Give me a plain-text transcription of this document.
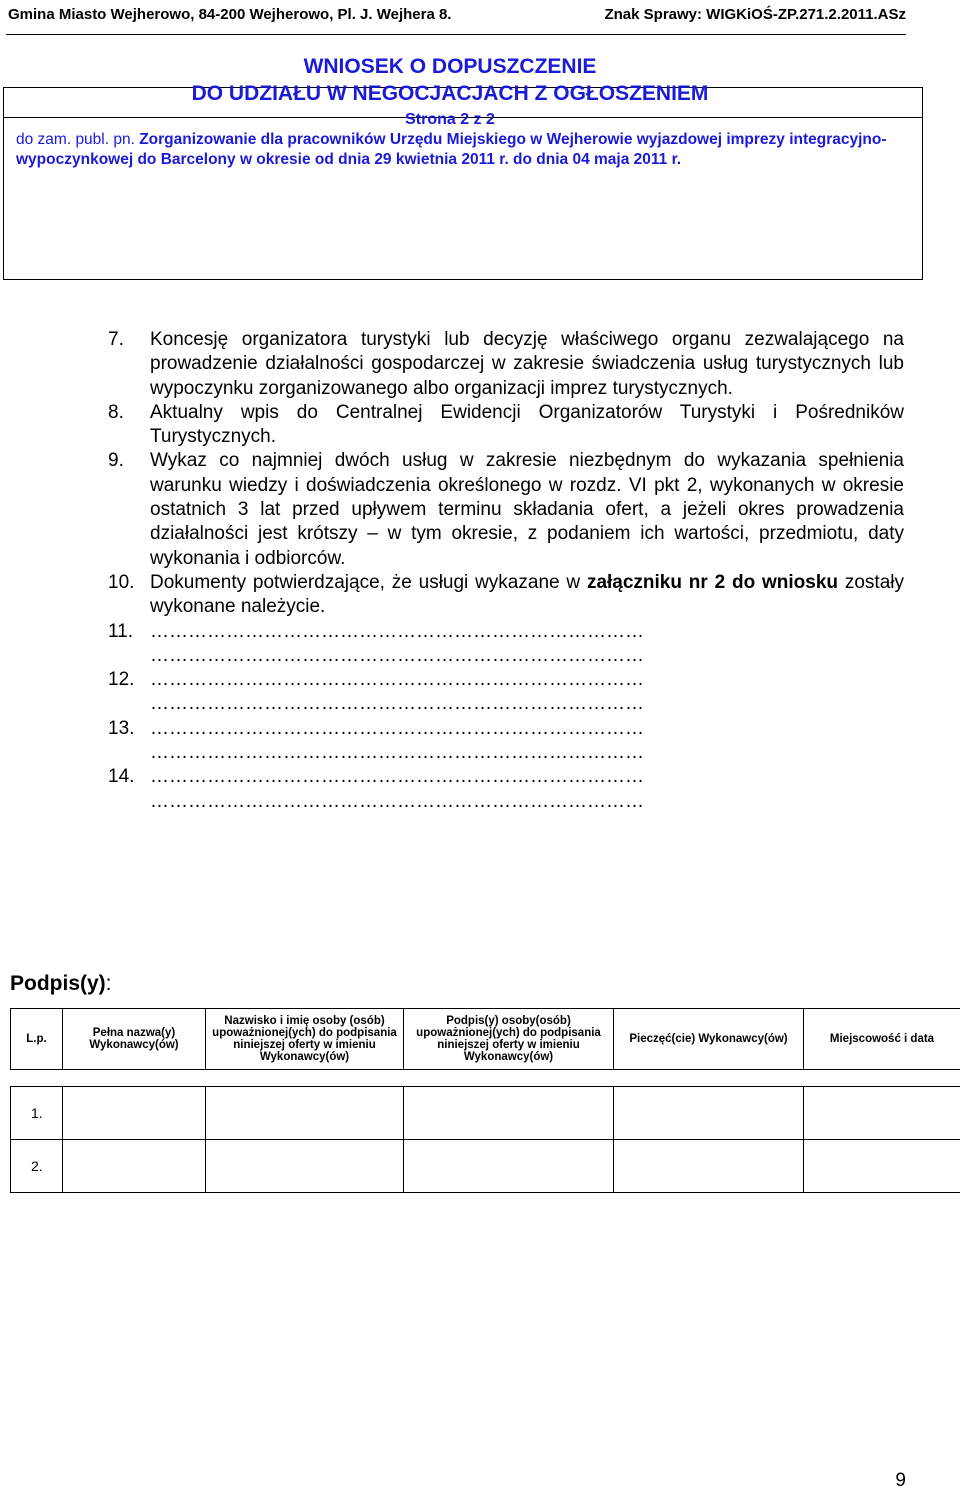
Gmina Miasto Wejherowo, 84-200 Wejherowo, Pl. J. Wejhera 8.	Znak Sprawy: WIGKiOŚ-ZP.271.2.2011.ASz
WNIOSEK O DOPUSZCZENIE
DO UDZIAŁU W NEGOCJACJACH Z OGŁOSZENIEM
Strona 2 z 2
do zam. publ. pn. Zorganizowanie dla pracowników Urzędu Miejskiego w Wejherowie wyjazdowej imprezy integracyjno-wypoczynkowej do Barcelony w okresie od dnia 29 kwietnia 2011 r. do dnia 04 maja 2011 r.
7. Koncesję organizatora turystyki lub decyzję właściwego organu zezwalającego na prowadzenie działalności gospodarczej w zakresie świadczenia usług turystycznych lub wypoczynku zorganizowanego albo organizacji imprez turystycznych.
8. Aktualny wpis do Centralnej Ewidencji Organizatorów Turystyki i Pośredników Turystycznych.
9. Wykaz co najmniej dwóch usług w zakresie niezbędnym do wykazania spełnienia warunku wiedzy i doświadczenia określonego w rozdz. VI pkt 2, wykonanych w okresie ostatnich 3 lat przed upływem terminu składania ofert, a jeżeli okres prowadzenia działalności jest krótszy – w tym okresie, z podaniem ich wartości, przedmiotu, daty wykonania i odbiorców.
10. Dokumenty potwierdzające, że usługi wykazane w załączniku nr 2 do wniosku zostały wykonane należycie.
11. ……………………………………………………………………
……………………………………………………………………
12. ……………………………………………………………………
……………………………………………………………………
13. ……………………………………………………………………
……………………………………………………………………
14. ……………………………………………………………………
……………………………………………………………………
Podpis(y):
L.p.	Pełna nazwa(y) Wykonawcy(ów)	Nazwisko i imię osoby (osób) upoważnionej(ych) do podpisania niniejszej oferty w imieniu Wykonawcy(ów)	Podpis(y) osoby(osób) upoważnionej(ych) do podpisania niniejszej oferty w imieniu Wykonawcy(ów)	Pieczęć(cie) Wykonawcy(ów)	Miejscowość i data

1.					
2.					
9
